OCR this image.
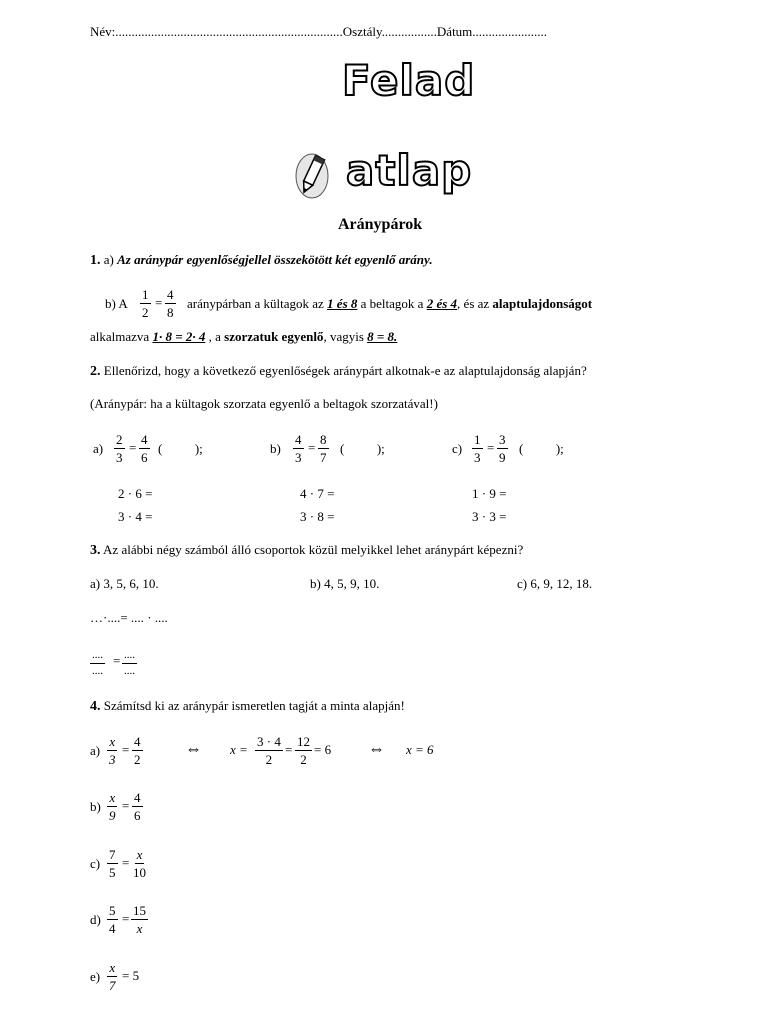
Név:......................................................................Osztály.................Dátum.......................
Felad
atlap
Aránypárok
1. a) Az aránypár egyenlőségjellel összekötött két egyenlő arány.
b) A
1
2
=
4
8
aránypárban a kültagok az 1 és 8 a beltagok a 2 és 4, és az alaptulajdonságot
alkalmazva 1· 8 = 2· 4 , a szorzatuk egyenlő, vagyis 8 = 8.
2. Ellenőrizd, hogy a következő egyenlőségek aránypárt alkotnak-e az alaptulajdonság alapján?
(Aránypár: ha a kültagok szorzata egyenlő a beltagok szorzatával!)
a)
2
3
=
4
6
(          );
2 · 6 =
3 · 4 =
b)
4
3
=
8
7
(          );
4 · 7 =
3 · 8 =
c)
1
3
=
3
9
(          );
1 · 9 =
3 · 3 =
3. Az alábbi négy számból álló csoportok közül melyikkel lehet aránypárt képezni?
a) 3, 5, 6, 10.	b) 4, 5, 9, 10.	c) 6, 9, 12, 18.
…·....= .... · ....
....
....
= ....
....
4. Számítsd ki az aránypár ismeretlen tagját a minta alapján!
a)
x
3
=
4
2
⇔ x =
3 · 4
2
=
12
2
= 6 ⇔ x = 6
b)
x
9
=
4
6
c)
7
5
=
x
10
d)
5
4
=
15
x
e)
x
7
= 5
